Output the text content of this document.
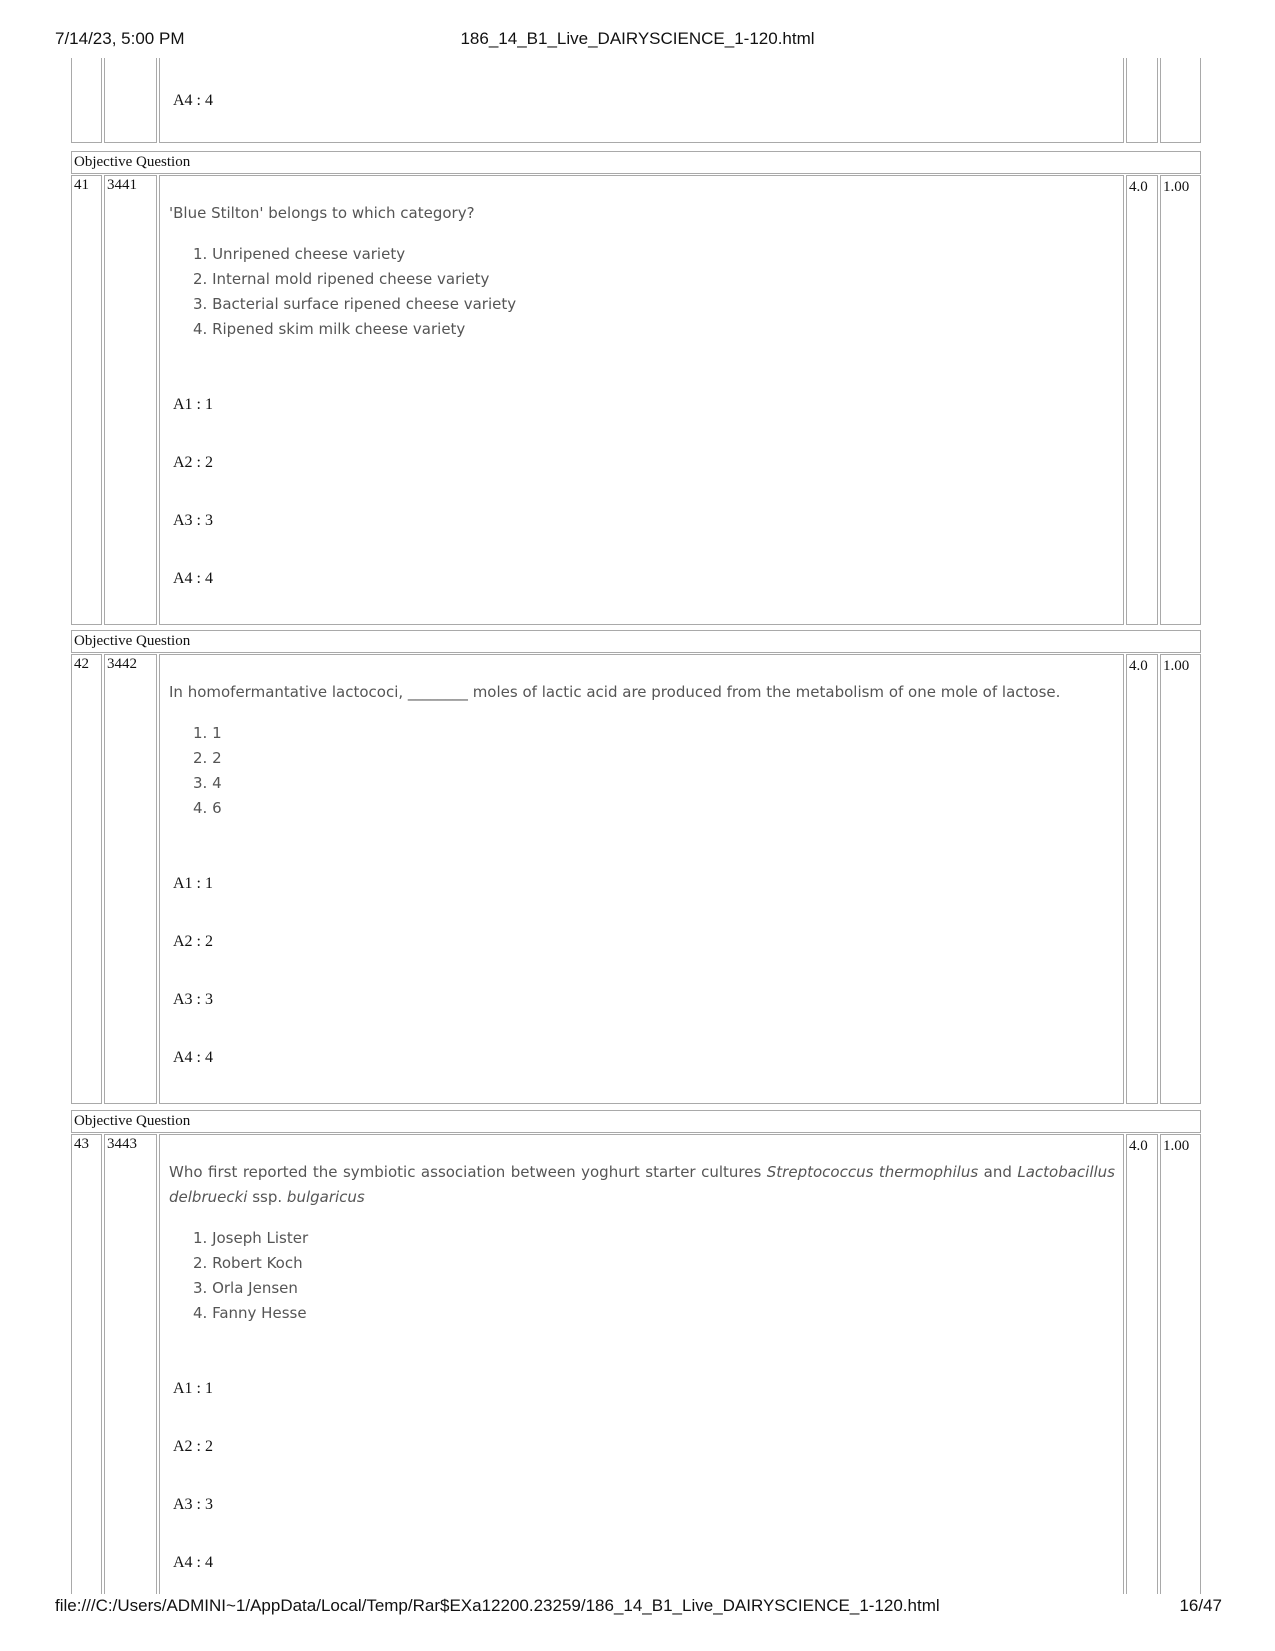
7/14/23, 5:00 PM	186_14_B1_Live_DAIRYSCIENCE_1-120.html
A4 : 4
Objective Question
41 3441	4.0 1.00
'Blue Stilton' belongs to which category?
1. Unripened cheese variety
2. Internal mold ripened cheese variety
3. Bacterial surface ripened cheese variety
4. Ripened skim milk cheese variety
A1 : 1
A2 : 2
A3 : 3
A4 : 4
Objective Question
42 3442	4.0 1.00
In homofermantative lactococi, ________ moles of lactic acid are produced from the metabolism of one mole of lactose.
1. 1
2. 2
3. 4
4. 6
A1 : 1
A2 : 2
A3 : 3
A4 : 4
Objective Question
43 3443	4.0 1.00
Who first reported the symbiotic association between yoghurt starter cultures Streptococcus thermophilus and Lactobacillus delbruecki ssp. bulgaricus
1. Joseph Lister
2. Robert Koch
3. Orla Jensen
4. Fanny Hesse
A1 : 1
A2 : 2
A3 : 3
A4 : 4
file:///C:/Users/ADMINI~1/AppData/Local/Temp/Rar$EXa12200.23259/186_14_B1_Live_DAIRYSCIENCE_1-120.html	16/47
